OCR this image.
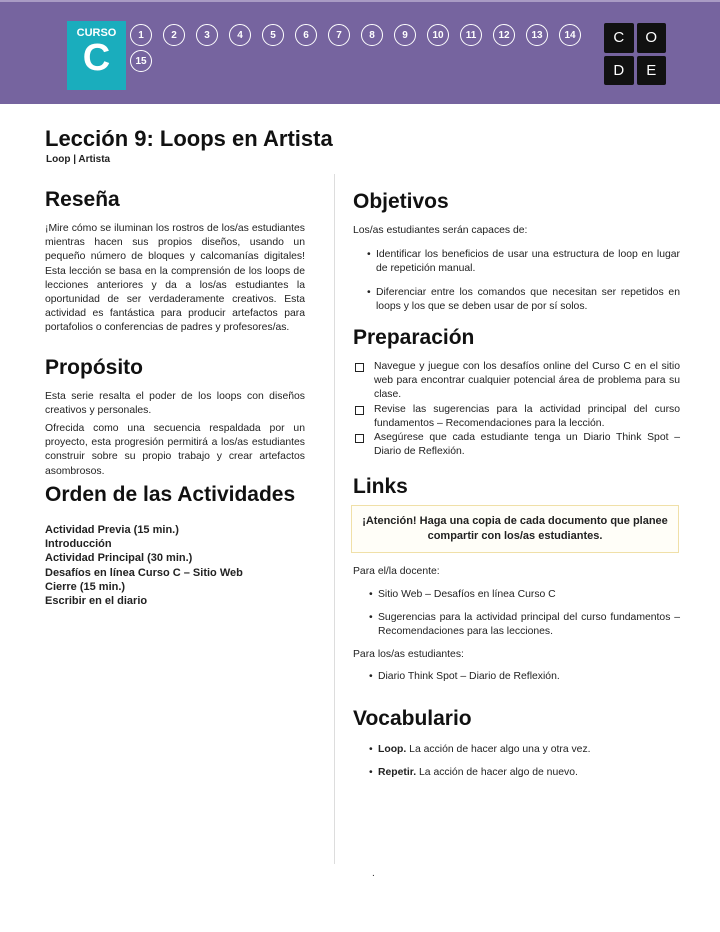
CURSO
C
1	2	3	4	5	6	7	8	9	10	11	12	13	14
15
C	O
D	E
Lección 9: Loops en Artista
Loop | Artista
Reseña

¡Mire cómo se iluminan los rostros de los/as estudiantes mientras hacen sus propios diseños, usando un pequeño número de bloques y calcomanías digitales! Esta lección se basa en la comprensión de los loops de lecciones anteriores y da a los/as estudiantes la oportunidad de ser verdaderamente creativos. Esta actividad es fantástica para producir artefactos para portafolios o conferencias de padres y profesores/as.

Propósito

Esta serie resalta el poder de los loops con diseños creativos y personales.

Ofrecida como una secuencia respaldada por un proyecto, esta progresión permitirá a los/as estudiantes construir sobre su propio trabajo y crear artefactos asombrosos.

Orden de las Actividades
Actividad Previa (15 min.)
Introducción
Actividad Principal (30 min.)
Desafíos en línea Curso C – Sitio Web
Cierre (15 min.)
Escribir en el diario
Objetivos

Los/as estudiantes serán capaces de:

• Identificar los beneficios de usar una estructura de loop en lugar de repetición manual.
• Diferenciar entre los comandos que necesitan ser repetidos en loops y los que se deben usar de por sí solos.
Preparación
Navegue y juegue con los desafíos online del Curso C en el sitio web para encontrar cualquier potencial área de problema para su clase.
Revise las sugerencias para la actividad principal del curso fundamentos – Recomendaciones para la lección.
Asegúrese que cada estudiante tenga un Diario Think Spot – Diario de Reflexión.
Links
¡Atención! Haga una copia de cada documento que planee compartir con los/as estudiantes.

Para el/la docente:

• Sitio Web – Desafíos en línea Curso C
• Sugerencias para la actividad principal del curso fundamentos – Recomendaciones para las lecciones.

Para los/as estudiantes:

• Diario Think Spot – Diario de Reflexión.
Vocabulario
• Loop. La acción de hacer algo una y otra vez.
• Repetir. La acción de hacer algo de nuevo.
.
